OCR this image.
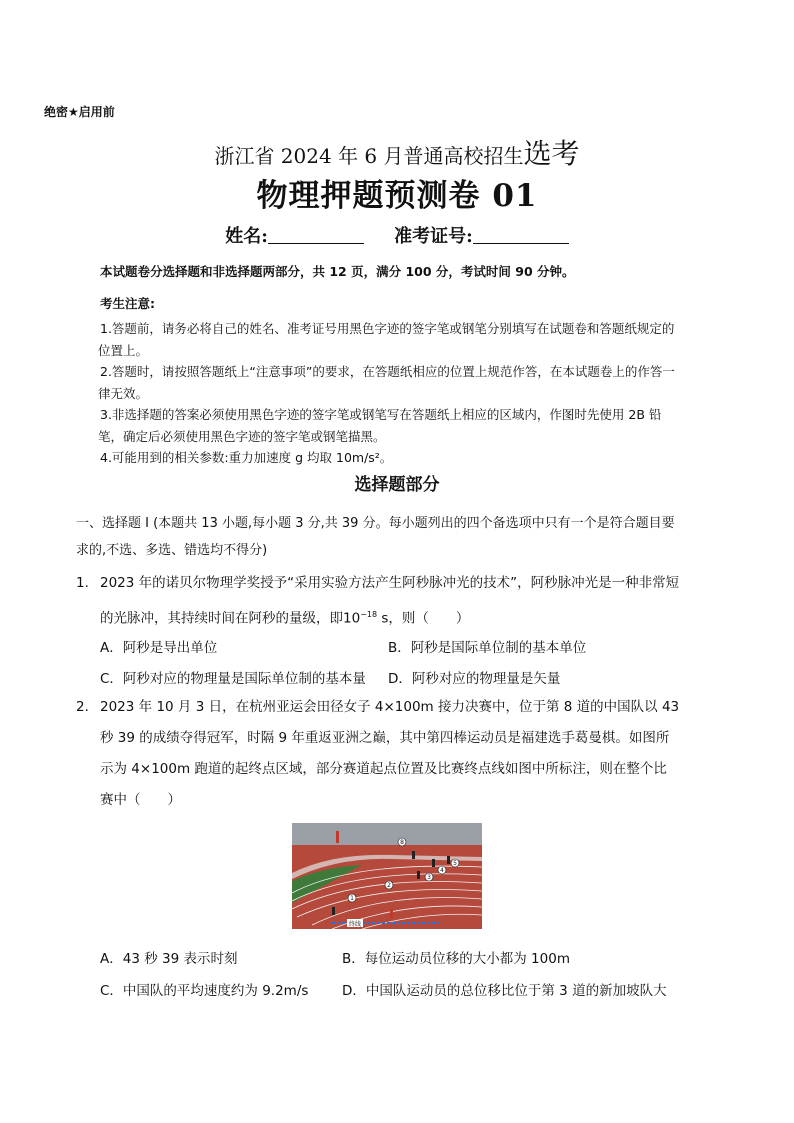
绝密★启用前
浙江省 2024 年 6 月普通高校招生选考
物理押题预测卷 01
姓名:	准考证号:
本试题卷分选择题和非选择题两部分，共 12 页，满分 100 分，考试时间 90 分钟。
考生注意:

1.答题前，请务必将自己的姓名、准考证号用黑色字迹的签字笔或钢笔分别填写在试题卷和答题纸规定的位置上。

2.答题时，请按照答题纸上“注意事项”的要求，在答题纸相应的位置上规范作答，在本试题卷上的作答一律无效。

3.非选择题的答案必须使用黑色字迹的签字笔或钢笔写在答题纸上相应的区域内，作图时先使用 2B 铅笔，确定后必须使用黑色字迹的签字笔或钢笔描黑。

4.可能用到的相关参数:重力加速度 g 均取 10m/s²。

选择题部分
一、选择题 I (本题共 13 小题,每小题 3 分,共 39 分。每小题列出的四个备选项中只有一个是符合题目要求的,不选、多选、错选均不得分)
1． 2023 年的诺贝尔物理学奖授予“采用实验方法产生阿秒脉冲光的技术”，阿秒脉冲光是一种非常短的光脉冲，其持续时间在阿秒的量级，即$10^{-18}$ s，则（　　）
A．阿秒是导出单位	B．阿秒是国际单位制的基本单位
C．阿秒对应的物理量是国际单位制的基本量 D．阿秒对应的物理量是矢量
2． 2023 年 10 月 3 日，在杭州亚运会田径女子 4×100m 接力决赛中，位于第 8 道的中国队以 43 秒 39 的成绩夺得冠军，时隔 9 年重返亚洲之巅，其中第四棒运动员是福建选手葛曼棋。如图所示为 4×100m 跑道的起终点区域，部分赛道起点位置及比赛终点线如图中所标注，则在整个比赛中（　　）
终线
8
5
4
3
2
1
A．43 秒 39 表示时刻	B．每位运动员位移的大小都为 100m
C．中国队的平均速度约为 9.2m/s D．中国队运动员的总位移比位于第 3 道的新加坡队大
